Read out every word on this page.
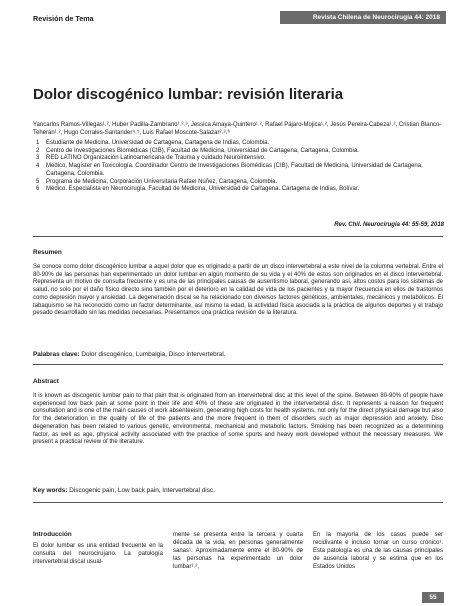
Revisión de Tema	Revista Chilena de Neurocirugía 44: 2018
Dolor discogénico lumbar: revisión literaria
Yancarlos Ramos-Villegas¹˒², Huber Padilla-Zambrano¹˒²˒³, Jessica Amaya-Quintero¹˒², Rafael Pájaro-Mojica¹˒², Jesús Pereira-Cabeza¹˒², Cristian Blanco-Teherán¹˒², Hugo Corrales-Santander⁴˒⁵, Luis Rafael Moscote-Salazar²˒³˒⁶
1	Estudiante de Medicina. Universidad de Cartagena, Cartagena de Indias, Colombia.
2	Centro de Investigaciones Biomédicas (CIB), Facultad de Medicina, Universidad de Cartagena, Cartagena, Colombia.
3	RED LATINO Organización Latinoamericana de Trauma y cuidado Neurointensivo.
4	Médico, Magíster en Toxicología. Coordinador Centro de Investigaciones Biomédicas (CIB), Facultad de Medicina, Universidad de Cartagena, Cartagena, Colombia.
5	Programa de Medicina, Corporación Universitaria Rafael Núñez, Cartagena, Colombia.
6	Médico. Especialista en Neurocirugía. Facultad de Medicina, Universidad de Cartagena. Cartagena de Indias, Bolívar.
Rev. Chil. Neurocirugía 44: 55-59, 2018
Resumen

Se conoce como dolor discogénico lumbar a aquel dolor que es originado a partir de un disco intervertebral a este nivel de la columna vertebral. Entre el 80-90% de las personas han experimentado un dolor lumbar en algún momento de su vida y el 40% de estos son originados en el disco intervertebral. Representa un motivo de consulta frecuente y es una de las principales causas de ausentismo laboral, generando así, altos costos para los sistemas de salud, no solo por el daño físico directo sino también por el deterioro en la calidad de vida de los pacientes y la mayor frecuencia en ellos de trastornos como depresión mayor y ansiedad. La degeneración discal se ha relacionado con diversos factores genéticos, ambientales, mecánicos y metabólicos. El tabaquismo se ha reconocido como un factor determinante, así mismo la edad, la actividad física asociada a la práctica de algunos deportes y el trabajo pesado desarrollado sin las medidas necesarias. Presentamos una práctica revisión de la literatura.

Palabras clave: Dolor discogénico, Lumbalgia, Disco intervertebral.
Abstract

It is known as discogenic lumbar pain to that pain that is originated from an intervertebral disc at this level of the spine. Between 80-90% of people have experienced low back pain at some point in their life and 40% of these are originated in the intervertebral disc. It represents a reason for frequent consultation and is one of the main causes of work absenteeism, generating high costs for health systems, not only for the direct physical damage but also for the deterioration in the quality of life of the patients and the more frequent in them of disorders such as major depression and anxiety. Disc degeneration has been related to various genetic, environmental, mechanical and metabolic factors. Smoking has been recognized as a determining factor, as well as age, physical activity associated with the practice of some sports and heavy work developed without the necessary measures. We present a practical review of the literature.

Key words: Discogenic pain, Low back pain, Intervertebral disc.
Introducción
El dolor lumbar es una entidad frecuente en la consulta del neurocirujano. La patología intervertebral discal usual-
mente se presenta entre la tercera y cuarta década de la vida, en personas generalmente sanas¹. Aproximadamente entre el 80-90% de las personas ha experimentado un dolor lumbar¹˒²,
En la mayoría de los casos puede ser recidivante e incluso tornar un curso crónico¹. Esta patología es una de las causas principales de ausencia laboral y se estima que en los Estados Unidos
55
